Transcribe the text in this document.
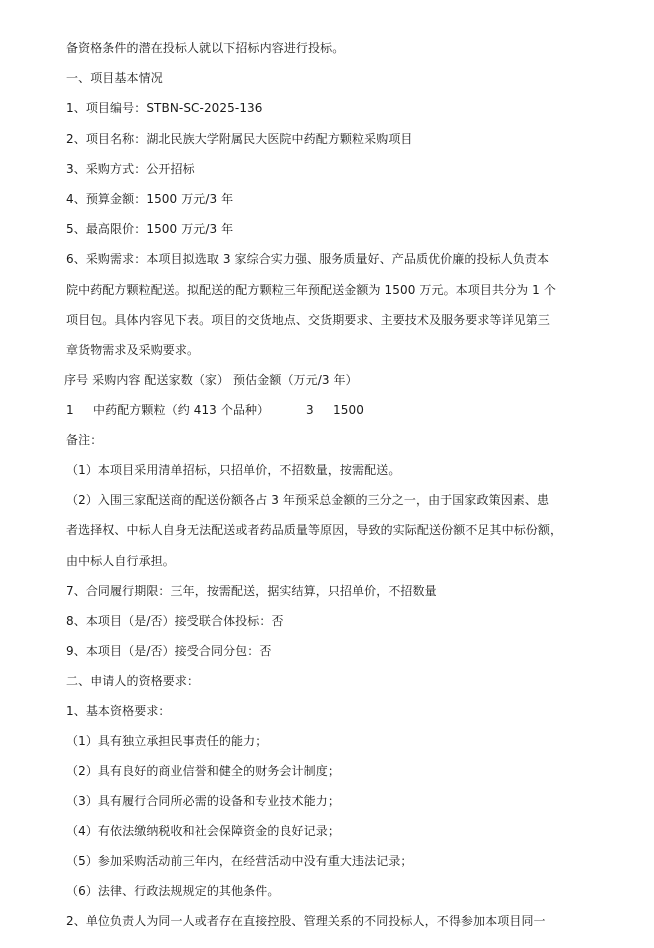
备资格条件的潜在投标人就以下招标内容进行投标。
一、项目基本情况
1、项目编号：STBN-SC-2025-136
2、项目名称：湖北民族大学附属民大医院中药配方颗粒采购项目
3、采购方式：公开招标
4、预算金额：1500 万元/3 年
5、最高限价：1500 万元/3 年
6、采购需求：本项目拟选取 3 家综合实力强、服务质量好、产品质优价廉的投标人负责本
院中药配方颗粒配送。拟配送的配方颗粒三年预配送金额为 1500 万元。本项目共分为 1 个
项目包。具体内容见下表。项目的交货地点、交货期要求、主要技术及服务要求等详见第三
章货物需求及采购要求。
序号 采购内容 配送家数（家） 预估金额（万元/3 年）
1 中药配方颗粒（约 413 个品种）	3 1500
备注：
（1）本项目采用清单招标，只招单价，不招数量，按需配送。
（2）入围三家配送商的配送份额各占 3 年预采总金额的三分之一，由于国家政策因素、患
者选择权、中标人自身无法配送或者药品质量等原因，导致的实际配送份额不足其中标份额，
由中标人自行承担。
7、合同履行期限：三年，按需配送，据实结算，只招单价，不招数量
8、本项目（是/否）接受联合体投标：否
9、本项目（是/否）接受合同分包：否
二、申请人的资格要求：
1、基本资格要求：
（1）具有独立承担民事责任的能力；
（2）具有良好的商业信誉和健全的财务会计制度；
（3）具有履行合同所必需的设备和专业技术能力；
（4）有依法缴纳税收和社会保障资金的良好记录；
（5）参加采购活动前三年内，在经营活动中没有重大违法记录；
（6）法律、行政法规规定的其他条件。
2、单位负责人为同一人或者存在直接控股、管理关系的不同投标人，不得参加本项目同一
